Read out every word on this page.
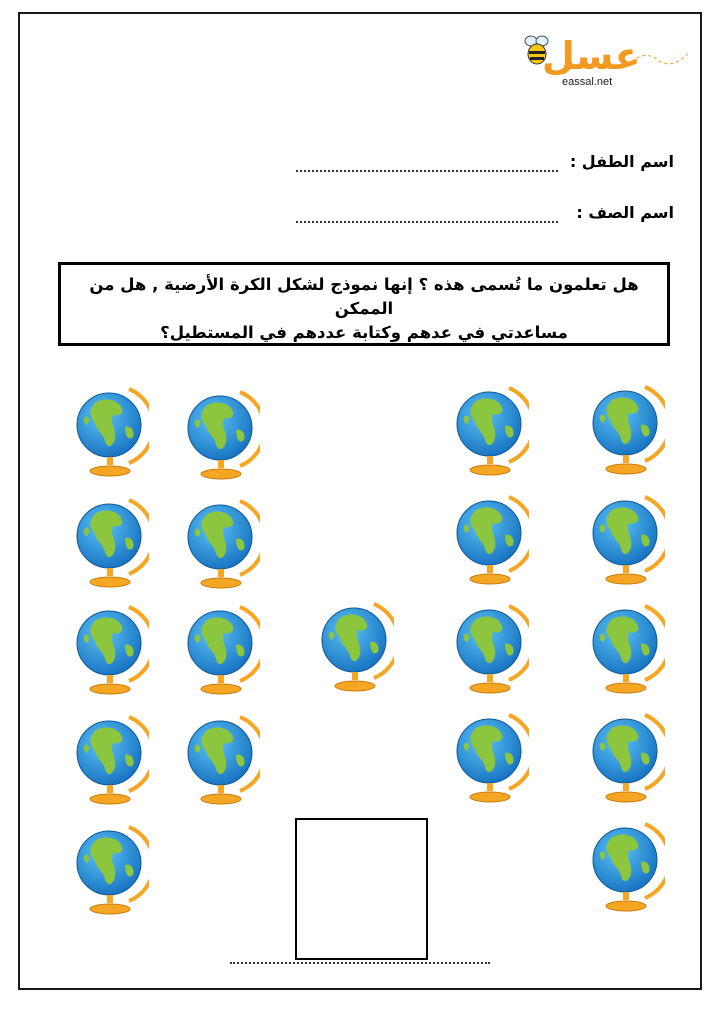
عسل
eassal.net
اسم الطفل :
اسم الصف :
هل تعلمون ما تُسمى هذه ؟ إنها نموذج لشكل الكرة الأرضية , هل من الممكن
مساعدتي في عدهم وكتابة عددهم في المستطيل؟
